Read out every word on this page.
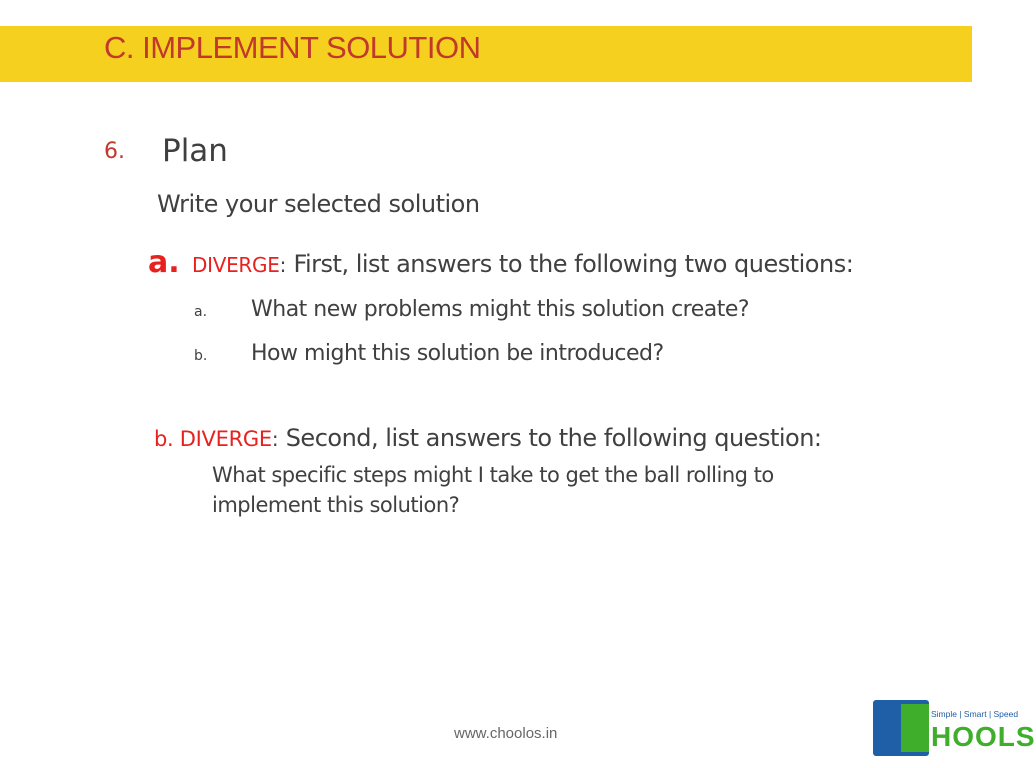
C. IMPLEMENT SOLUTION
6. Plan
Write your selected solution
a. DIVERGE: First, list answers to the following two questions:
a. What new problems might this solution create?
b. How might this solution be introduced?
b. DIVERGE: Second, list answers to the following question:
What specific steps might I take to get the ball rolling to implement this solution?
www.choolos.in
Simple | Smart | Speed
HOOLS
